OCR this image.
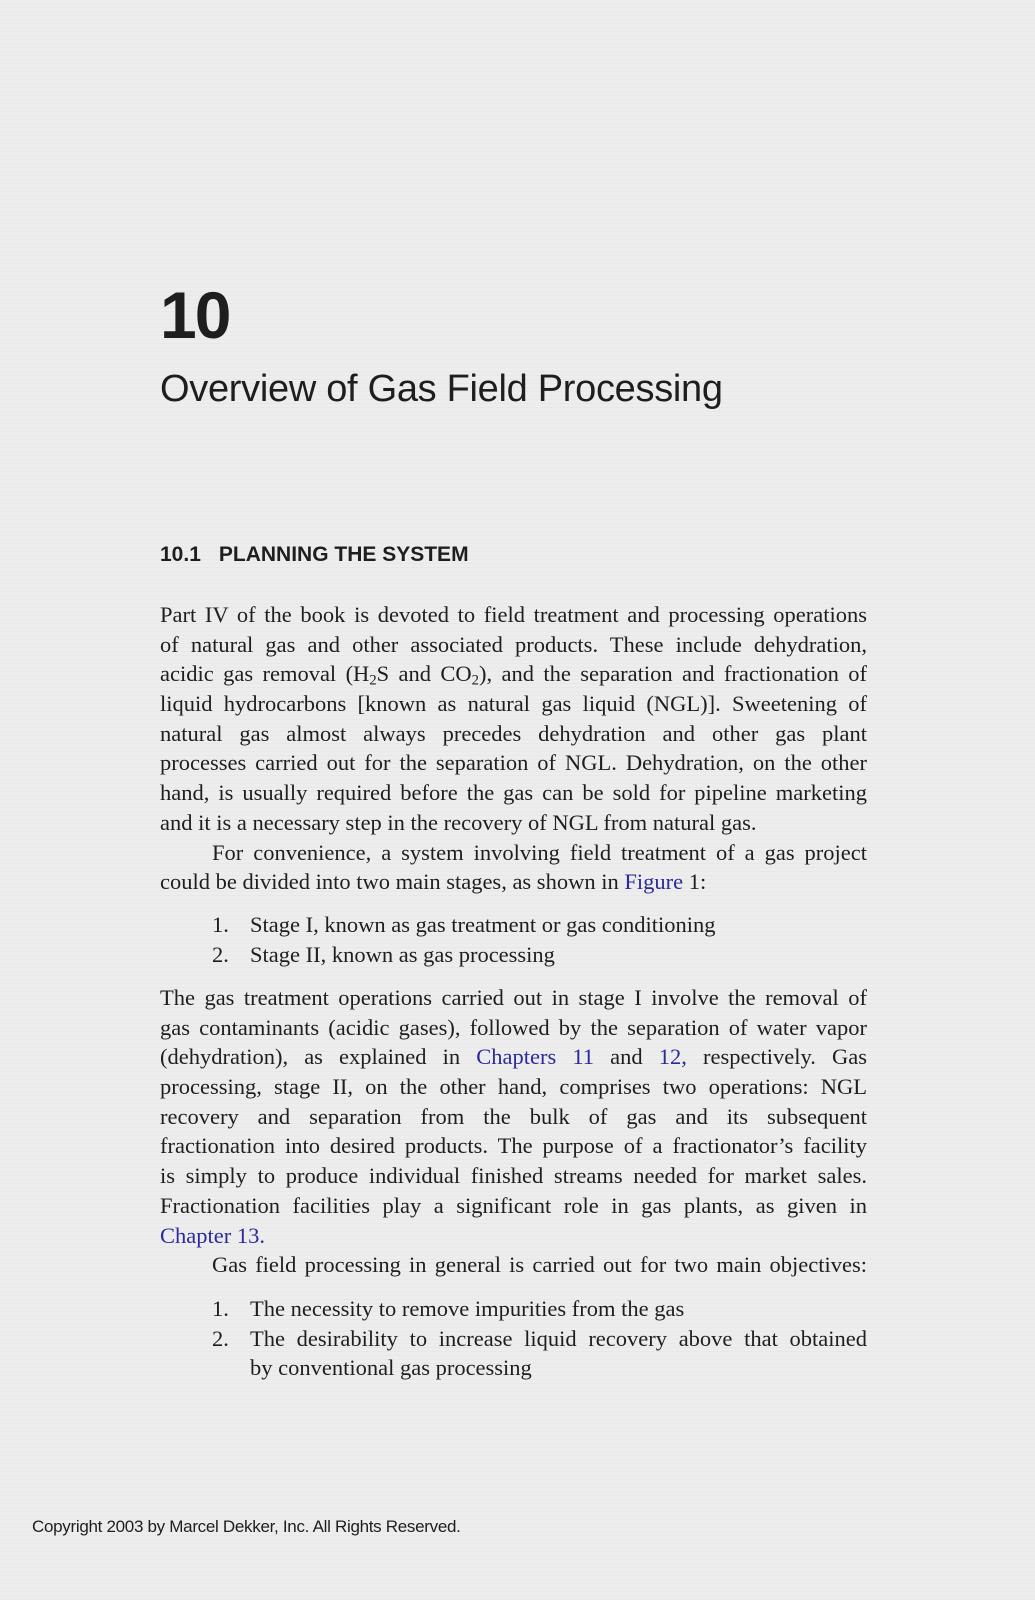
10
Overview of Gas Field Processing
10.1 PLANNING THE SYSTEM
Part IV of the book is devoted to field treatment and processing operations
of natural gas and other associated products. These include dehydration,
acidic gas removal ($H_2S$ and $CO_2$), and the separation and fractionation of
liquid hydrocarbons [known as natural gas liquid (NGL)]. Sweetening of
natural gas almost always precedes dehydration and other gas plant
processes carried out for the separation of NGL. Dehydration, on the other
hand, is usually required before the gas can be sold for pipeline marketing
and it is a necessary step in the recovery of NGL from natural gas.
For convenience, a system involving field treatment of a gas project
could be divided into two main stages, as shown in Figure 1:
1. Stage I, known as gas treatment or gas conditioning
2. Stage II, known as gas processing
The gas treatment operations carried out in stage I involve the removal of
gas contaminants (acidic gases), followed by the separation of water vapor
(dehydration), as explained in Chapters 11 and 12, respectively. Gas
processing, stage II, on the other hand, comprises two operations: NGL
recovery and separation from the bulk of gas and its subsequent
fractionation into desired products. The purpose of a fractionator’s facility
is simply to produce individual finished streams needed for market sales.
Fractionation facilities play a significant role in gas plants, as given in
Chapter 13.
Gas field processing in general is carried out for two main objectives:
1. The necessity to remove impurities from the gas
2. The desirability to increase liquid recovery above that obtained
by conventional gas processing
Copyright 2003 by Marcel Dekker, Inc. All Rights Reserved.
